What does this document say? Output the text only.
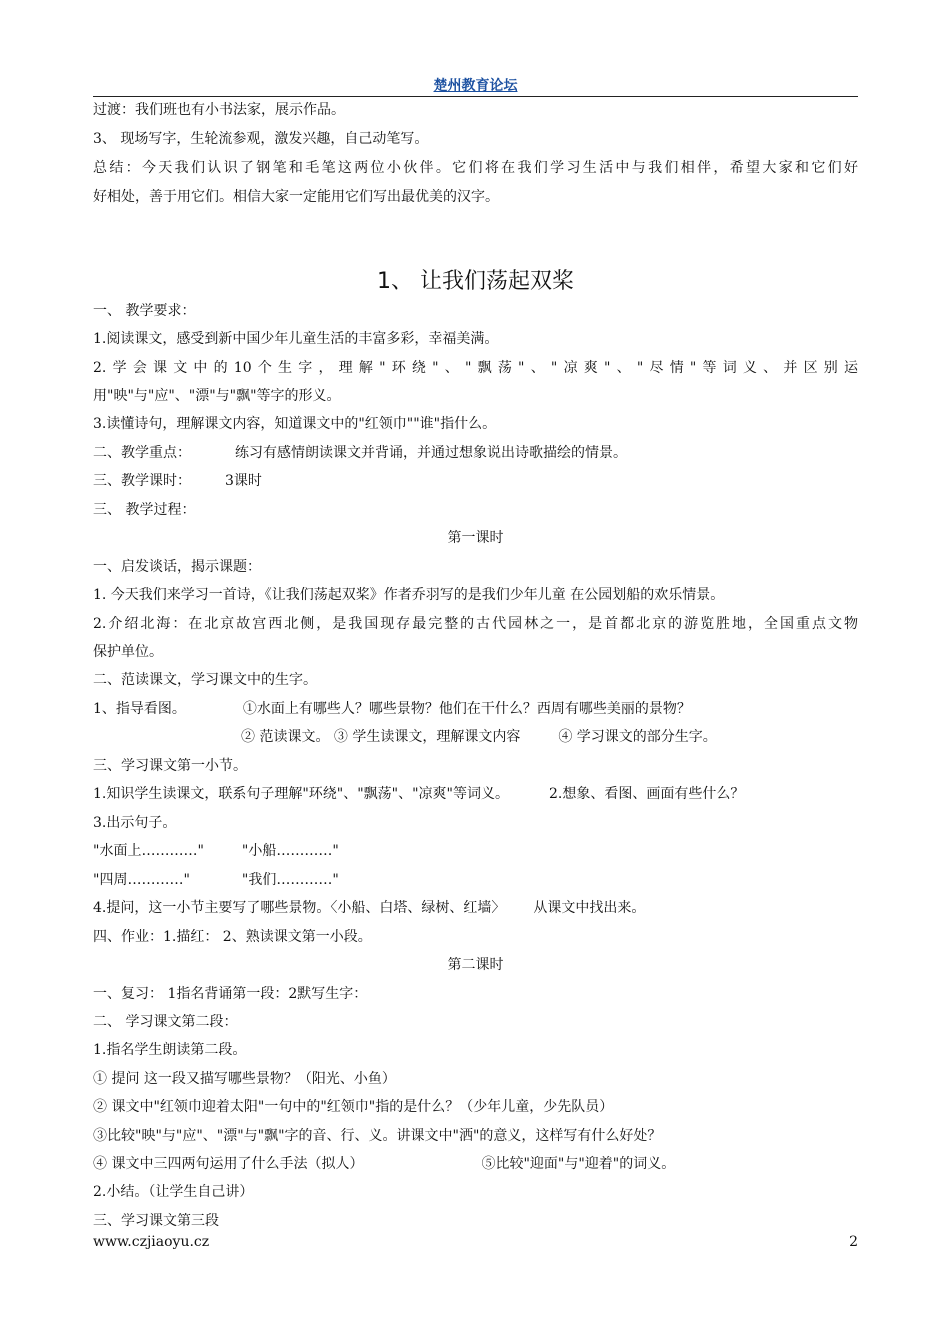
楚州教育论坛
过渡：我们班也有小书法家，展示作品。
3、 现场写字，生轮流参观，激发兴趣，自己动笔写。
总结：今天我们认识了钢笔和毛笔这两位小伙伴。它们将在我们学习生活中与我们相伴，希望大家和它们好
好相处，善于用它们。相信大家一定能用它们写出最优美的汉字。
1、 让我们荡起双桨
一、 教学要求：
1.阅读课文，感受到新中国少年儿童生活的丰富多彩，幸福美满。
2.学会课文中的10个生字，理解"环绕"、"飘荡"、"凉爽"、"尽情"等词义、并区别运
用"映"与"应"、"漂"与"飘"等字的形义。
3.读懂诗句，理解课文内容，知道课文中的"红领巾""谁"指什么。
二、教学重点：	练习有感情朗读课文并背诵，并通过想象说出诗歌描绘的情景。
三、教学课时： 3课时
三、 教学过程：
第一课时
一、启发谈话，揭示课题：
1. 今天我们来学习一首诗，《让我们荡起双桨》作者乔羽写的是我们少年儿童 在公园划船的欢乐情景。
2.介绍北海：在北京故宫西北侧，是我国现存最完整的古代园林之一，是首都北京的游览胜地，全国重点文物
保护单位。
二、范读课文，学习课文中的生字。
1、指导看图。	①水面上有哪些人？哪些景物？他们在干什么？西周有哪些美丽的景物？
② 范读课文。 ③ 学生读课文，理解课文内容	④ 学习课文的部分生字。
三、学习课文第一小节。
1.知识学生读课文，联系句子理解"环绕"、"飘荡"、"凉爽"等词义。	2.想象、看图、画面有些什么？
3.出示句子。
"水面上…………"	"小船…………"
"四周…………"	"我们…………"
4.提问，这一小节主要写了哪些景物。〈小船、白塔、绿树、红墙〉 从课文中找出来。
四、作业：1.描红： 2、熟读课文第一小段。
第二课时
一、复习： 1指名背诵第一段：2默写生字：
二、 学习课文第二段：
1.指名学生朗读第二段。
① 提问 这一段又描写哪些景物？（阳光、小鱼）
② 课文中"红领巾迎着太阳"一句中的"红领巾"指的是什么？（少年儿童，少先队员）
③比较"映"与"应"、"漂"与"飘"字的音、行、义。讲课文中"洒"的意义，这样写有什么好处？
④ 课文中三四两句运用了什么手法（拟人）	⑤比较"迎面"与"迎着"的词义。
2.小结。（让学生自己讲）
三、学习课文第三段
www.czjiaoyu.cz	2
